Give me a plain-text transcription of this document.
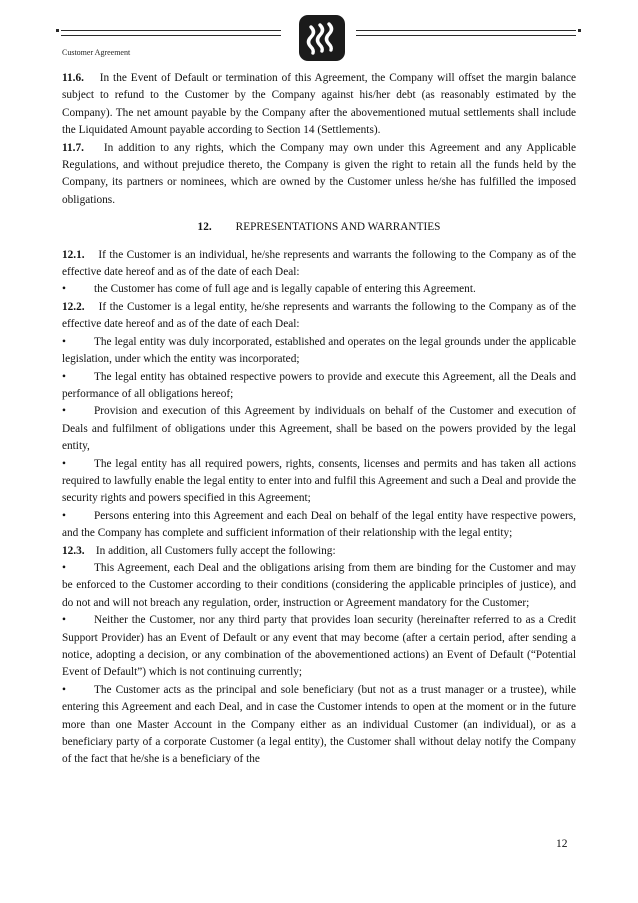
Customer Agreement

11.6. In the Event of Default or termination of this Agreement, the Company will offset the margin balance subject to refund to the Customer by the Company against his/her debt (as reasonably estimated by the Company). The net amount payable by the Company after the abovementioned mutual settlements shall include the Liquidated Amount payable according to Section 14 (Settlements).

11.7. In addition to any rights, which the Company may own under this Agreement and any Applicable Regulations, and without prejudice thereto, the Company is given the right to retain all the funds held by the Company, its partners or nominees, which are owned by the Customer unless he/she has fulfilled the imposed obligations.

12. REPRESENTATIONS AND WARRANTIES

12.1. If the Customer is an individual, he/she represents and warrants the following to the Company as of the effective date hereof and as of the date of each Deal:

• the Customer has come of full age and is legally capable of entering this Agreement.

12.2. If the Customer is a legal entity, he/she represents and warrants the following to the Company as of the effective date hereof and as of the date of each Deal:

• The legal entity was duly incorporated, established and operates on the legal grounds under the applicable legislation, under which the entity was incorporated;

• The legal entity has obtained respective powers to provide and execute this Agreement, all the Deals and performance of all obligations hereof;

• Provision and execution of this Agreement by individuals on behalf of the Customer and execution of Deals and fulfilment of obligations under this Agreement, shall be based on the powers provided by the legal entity,

• The legal entity has all required powers, rights, consents, licenses and permits and has taken all actions required to lawfully enable the legal entity to enter into and fulfil this Agreement and such a Deal and provide the security rights and powers specified in this Agreement;

• Persons entering into this Agreement and each Deal on behalf of the legal entity have respective powers, and the Company has complete and sufficient information of their relationship with the legal entity;

12.3. In addition, all Customers fully accept the following:

• This Agreement, each Deal and the obligations arising from them are binding for the Customer and may be enforced to the Customer according to their conditions (considering the applicable principles of justice), and do not and will not breach any regulation, order, instruction or Agreement mandatory for the Customer;

• Neither the Customer, nor any third party that provides loan security (hereinafter referred to as a Credit Support Provider) has an Event of Default or any event that may become (after a certain period, after sending a notice, adopting a decision, or any combination of the abovementioned actions) an Event of Default (“Potential Event of Default”) which is not continuing currently;

• The Customer acts as the principal and sole beneficiary (but not as a trust manager or a trustee), while entering this Agreement and each Deal, and in case the Customer intends to open at the moment or in the future more than one Master Account in the Company either as an individual Customer (an individual), or as a beneficiary party of a corporate Customer (a legal entity), the Customer shall without delay notify the Company of the fact that he/she is a beneficiary of the

12
